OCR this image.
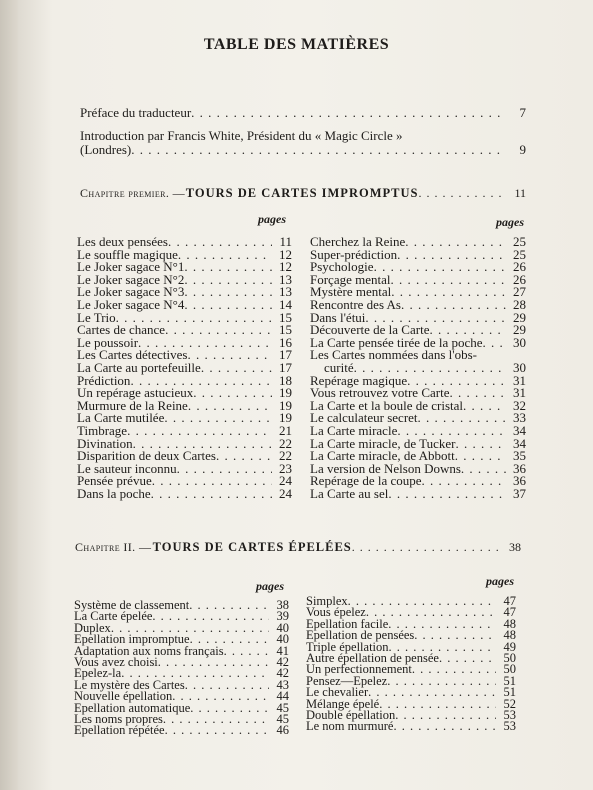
TABLE DES MATIÈRES
Préface du traducteur . . .	7
Introduction par Francis White, Président du « Magic Circle »
(Londres) . . .	9
Chapitre premier. — TOURS DE CARTES IMPROMPTUS . . .	11
pages	pages
Les deux pensées . . .	11
Le souffle magique . . .	12
Le Joker sagace N°1 . . .	12
Le Joker sagace N°2 . . .	13
Le Joker sagace N°3 . . .	13
Le Joker sagace N°4 . . .	14
Le Trio . . .	15
Cartes de chance . . .	15
Le poussoir . . .	16
Les Cartes détectives . . .	17
La Carte au portefeuille . . .	17
Prédiction . . .	18
Un repérage astucieux . . .	19
Murmure de la Reine . . .	19
La Carte mutilée . . .	19
Timbrage . . .	21
Divination . . .	22
Disparition de deux Cartes . . .	22
Le sauteur inconnu . . .	23
Pensée prévue . . .	24
Dans la poche . . .	24
Cherchez la Reine . . .	25
Super-prédiction . . .	25
Psychologie . . .	26
Forçage mental . . .	26
Mystère mental . . .	27
Rencontre des As . . .	28
Dans l'étui . . .	29
Découverte de la Carte . . .	29
La Carte pensée tirée de la poche . . .	30
Les Cartes nommées dans l'obs-
curité . . .	30
Repérage magique . . .	31
Vous retrouvez votre Carte . . .	31
La Carte et la boule de cristal . . .	32
Le calculateur secret . . .	33
La Carte miracle . . .	34
La Carte miracle, de Tucker . . .	34
La Carte miracle, de Abbott . . .	35
La version de Nelson Downs . . .	36
Repérage de la coupe . . .	36
La Carte au sel . . .	37
Chapitre II. — TOURS DE CARTES ÉPELÉES . . .	38
pages	pages
Système de classement . . .	38
La Carte épelée . . .	39
Duplex . . .	40
Epellation impromptue . . .	40
Adaptation aux noms français . . .	41
Vous avez choisi . . .	42
Epelez-la . . .	42
Le mystère des Cartes . . .	43
Nouvelle épellation . . .	44
Epellation automatique . . .	45
Les noms propres . . .	45
Epellation répétée . . .	46
Simplex . . .	47
Vous épelez . . .	47
Epellation facile . . .	48
Epellation de pensées . . .	48
Triple épellation . . .	49
Autre épellation de pensée . . .	50
Un perfectionnement . . .	50
Pensez—Epelez . . .	51
Le chevalier . . .	51
Mélange épelé . . .	52
Double épellation . . .	53
Le nom murmuré . . .	53
